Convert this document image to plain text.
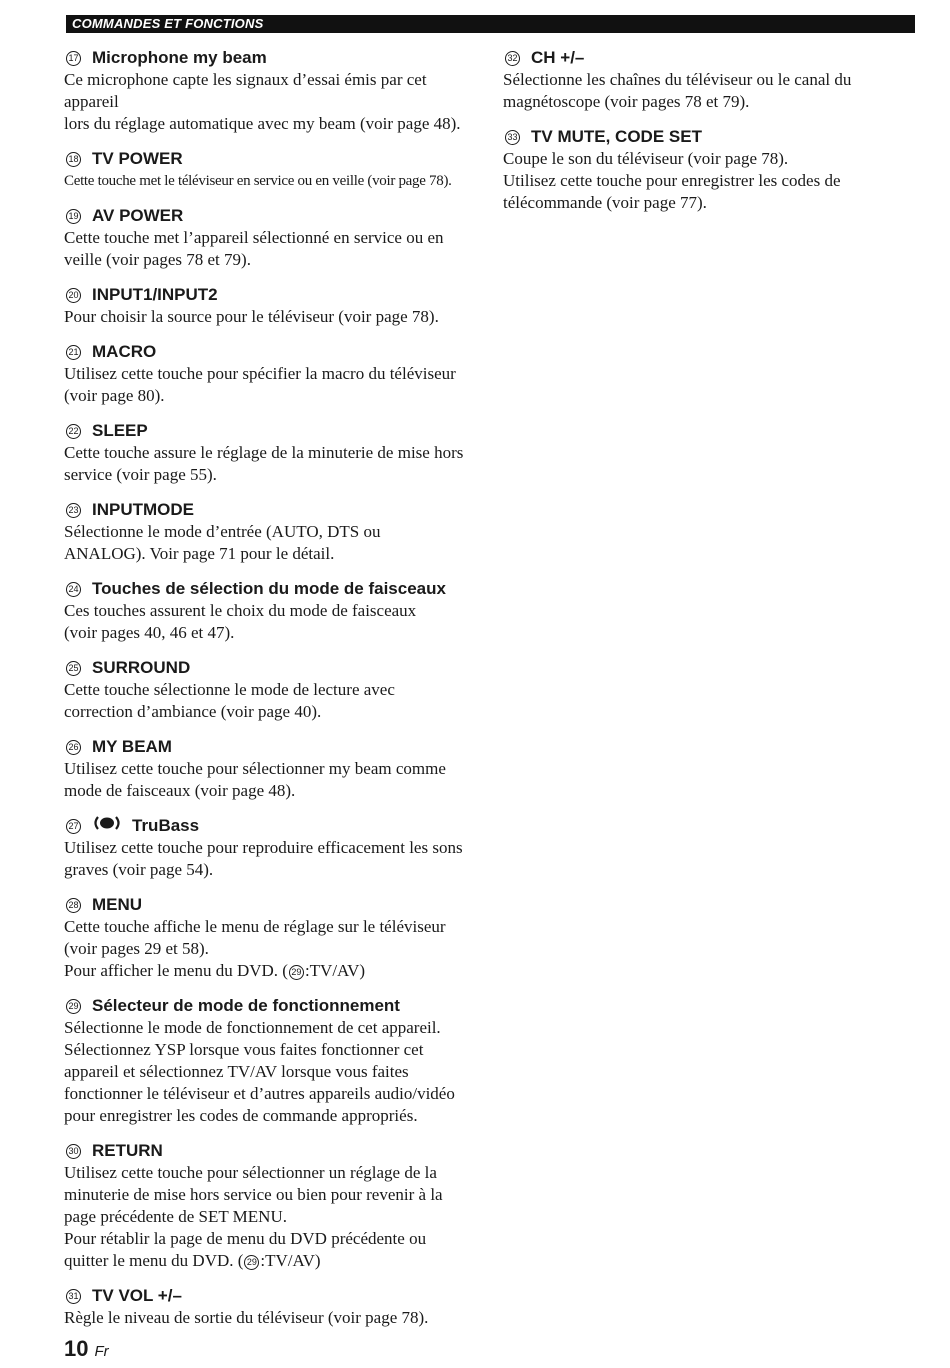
COMMANDES ET FONCTIONS
17 Microphone my beam

Ce microphone capte les signaux d’essai émis par cet appareil

lors du réglage automatique avec my beam (voir page 48).

18 TV POWER

Cette touche met le téléviseur en service ou en veille (voir page 78).

19 AV POWER

Cette touche met l’appareil sélectionné en service ou en

veille (voir pages 78 et 79).

20 INPUT1/INPUT2

Pour choisir la source pour le téléviseur (voir page 78).

21 MACRO

Utilisez cette touche pour spécifier la macro du téléviseur

(voir page 80).

22 SLEEP

Cette touche assure le réglage de la minuterie de mise hors

service (voir page 55).

23 INPUTMODE

Sélectionne le mode d’entrée (AUTO, DTS ou

ANALOG). Voir page 71 pour le détail.

24 Touches de sélection du mode de faisceaux

Ces touches assurent le choix du mode de faisceaux

(voir pages 40, 46 et 47).

25 SURROUND

Cette touche sélectionne le mode de lecture avec

correction d’ambiance (voir page 40).

26 MY BEAM

Utilisez cette touche pour sélectionner my beam comme

mode de faisceaux (voir page 48).

27	TruBass

Utilisez cette touche pour reproduire efficacement les sons

graves (voir page 54).

28 MENU

Cette touche affiche le menu de réglage sur le téléviseur

(voir pages 29 et 58).

Pour afficher le menu du DVD. ( 29 :TV/AV)

29 Sélecteur de mode de fonctionnement

Sélectionne le mode de fonctionnement de cet appareil.

Sélectionnez YSP lorsque vous faites fonctionner cet

appareil et sélectionnez TV/AV lorsque vous faites

fonctionner le téléviseur et d’autres appareils audio/vidéo

pour enregistrer les codes de commande appropriés.

30 RETURN

Utilisez cette touche pour sélectionner un réglage de la

minuterie de mise hors service ou bien pour revenir à la

page précédente de SET MENU.

Pour rétablir la page de menu du DVD précédente ou

quitter le menu du DVD. ( 29 :TV/AV)

31 TV VOL +/–

Règle le niveau de sortie du téléviseur (voir page 78).

32 CH +/–

Sélectionne les chaînes du téléviseur ou le canal du

magnétoscope (voir pages 78 et 79).

33 TV MUTE, CODE SET

Coupe le son du téléviseur (voir page 78).

Utilisez cette touche pour enregistrer les codes de

télécommande (voir page 77).

10 Fr
